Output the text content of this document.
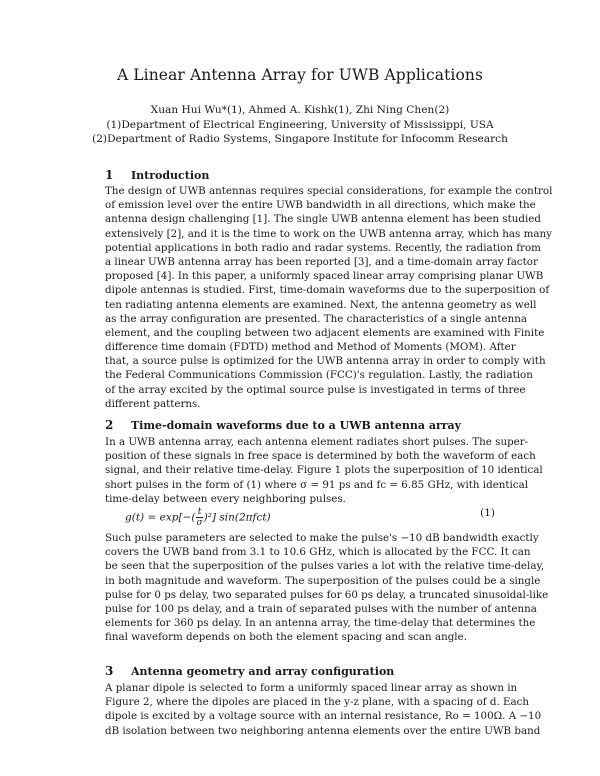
A Linear Antenna Array for UWB Applications
Xuan Hui Wu*(1), Ahmed A. Kishk(1), Zhi Ning Chen(2)
(1)Department of Electrical Engineering, University of Mississippi, USA
(2)Department of Radio Systems, Singapore Institute for Infocomm Research
1 Introduction
The design of UWB antennas requires special considerations, for example the control
of emission level over the entire UWB bandwidth in all directions, which make the
antenna design challenging [1]. The single UWB antenna element has been studied
extensively [2], and it is the time to work on the UWB antenna array, which has many
potential applications in both radio and radar systems. Recently, the radiation from
a linear UWB antenna array has been reported [3], and a time-domain array factor
proposed [4]. In this paper, a uniformly spaced linear array comprising planar UWB
dipole antennas is studied. First, time-domain waveforms due to the superposition of
ten radiating antenna elements are examined. Next, the antenna geometry as well
as the array configuration are presented. The characteristics of a single antenna
element, and the coupling between two adjacent elements are examined with Finite
difference time domain (FDTD) method and Method of Moments (MOM). After
that, a source pulse is optimized for the UWB antenna array in order to comply with
the Federal Communications Commission (FCC)'s regulation. Lastly, the radiation
of the array excited by the optimal source pulse is investigated in terms of three
different patterns.
2 Time-domain waveforms due to a UWB antenna array
In a UWB antenna array, each antenna element radiates short pulses. The super-
position of these signals in free space is determined by both the waveform of each
signal, and their relative time-delay. Figure 1 plots the superposition of 10 identical
short pulses in the form of (1) where σ = 91 ps and fc = 6.85 GHz, with identical
time-delay between every neighboring pulses.
$g(t) = \exp[-( \frac{t}{\sigma} )^2]$ sin(2πfct)	(1)
Such pulse parameters are selected to make the pulse's −10 dB bandwidth exactly
covers the UWB band from 3.1 to 10.6 GHz, which is allocated by the FCC. It can
be seen that the superposition of the pulses varies a lot with the relative time-delay,
in both magnitude and waveform. The superposition of the pulses could be a single
pulse for 0 ps delay, two separated pulses for 60 ps delay, a truncated sinusoidal-like
pulse for 100 ps delay, and a train of separated pulses with the number of antenna
elements for 360 ps delay. In an antenna array, the time-delay that determines the
final waveform depends on both the element spacing and scan angle.
3 Antenna geometry and array configuration
A planar dipole is selected to form a uniformly spaced linear array as shown in
Figure 2, where the dipoles are placed in the y-z plane, with a spacing of d. Each
dipole is excited by a voltage source with an internal resistance, Ro = 100Ω. A −10
dB isolation between two neighboring antenna elements over the entire UWB band
